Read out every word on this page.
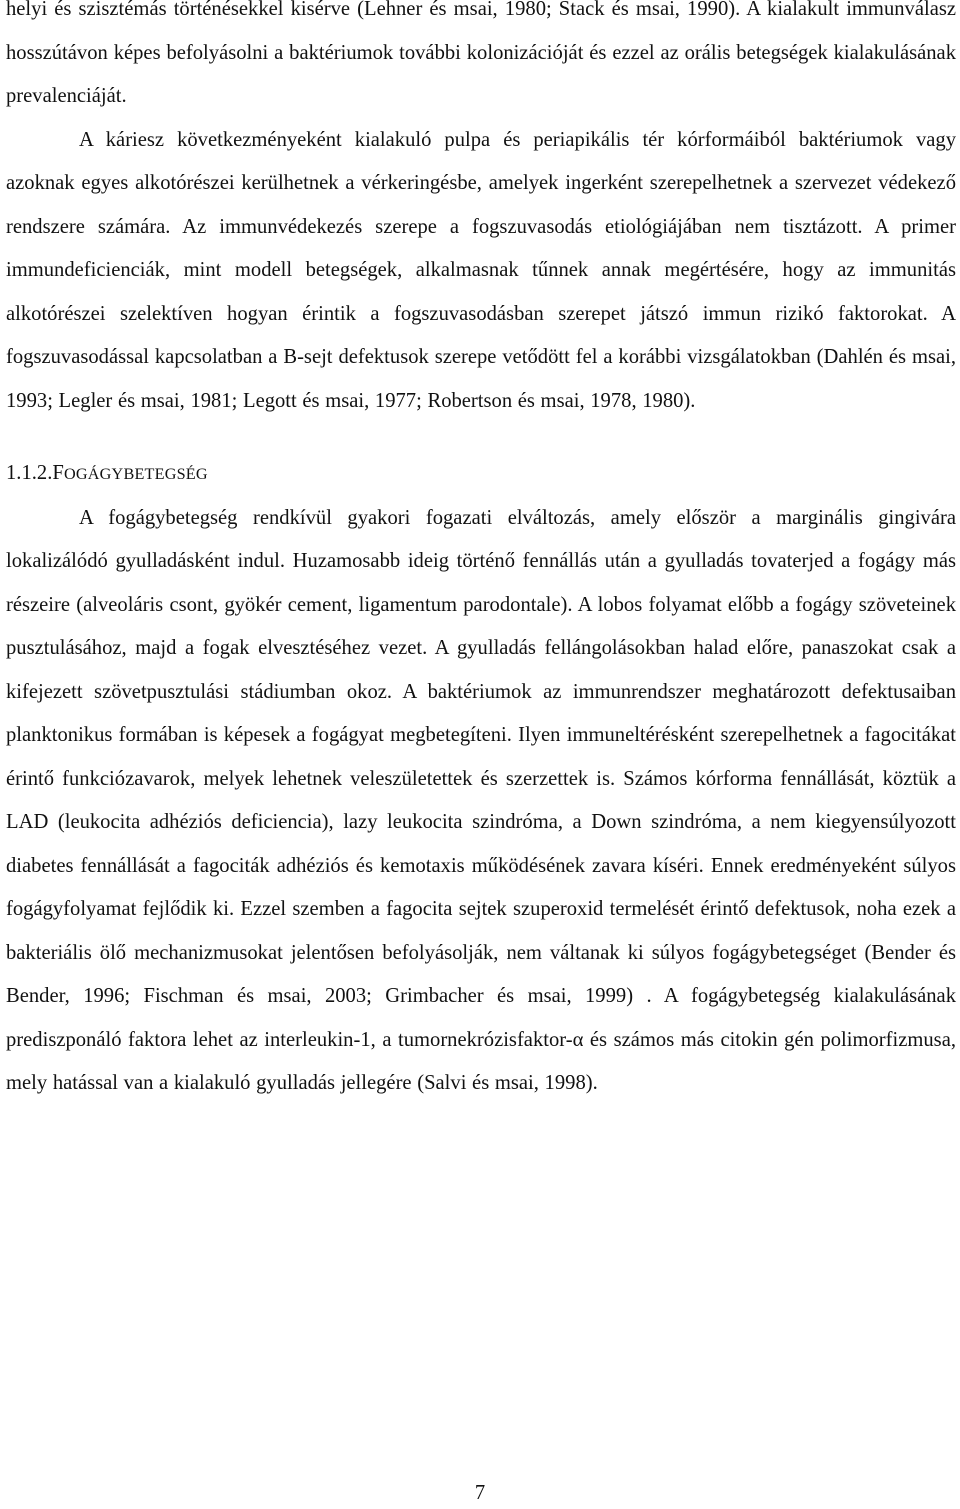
helyi és szisztémás történésekkel kisérve (Lehner és msai, 1980; Stack és msai, 1990). A kialakult immunválasz hosszútávon képes befolyásolni a baktériumok további kolonizációját és ezzel az orális betegségek kialakulásának prevalenciáját.

A káriesz következményeként kialakuló pulpa és periapikális tér kórformáiból baktériumok vagy azoknak egyes alkotórészei kerülhetnek a vérkeringésbe, amelyek ingerként szerepelhetnek a szervezet védekező rendszere számára. Az immunvédekezés szerepe a fogszuvasodás etiológiájában nem tisztázott. A primer immundeficienciák, mint modell betegségek, alkalmasnak tűnnek annak megértésére, hogy az immunitás alkotórészei szelektíven hogyan érintik a fogszuvasodásban szerepet játszó immun rizikó faktorokat. A fogszuvasodással kapcsolatban a B-sejt defektusok szerepe vetődött fel a korábbi vizsgálatokban (Dahlén és msai, 1993; Legler és msai, 1981; Legott és msai, 1977; Robertson és msai, 1978, 1980).

1.1.2.FOGÁGYBETEGSÉG

A fogágybetegség rendkívül gyakori fogazati elváltozás, amely először a marginális gingivára lokalizálódó gyulladásként indul. Huzamosabb ideig történő fennállás után a gyulladás tovaterjed a fogágy más részeire (alveoláris csont, gyökér cement, ligamentum parodontale). A lobos folyamat előbb a fogágy szöveteinek pusztulásához, majd a fogak elvesztéséhez vezet. A gyulladás fellángolásokban halad előre, panaszokat csak a kifejezett szövetpusztulási stádiumban okoz. A baktériumok az immunrendszer meghatározott defektusaiban planktonikus formában is képesek a fogágyat megbetegíteni. Ilyen immuneltérésként szerepelhetnek a fagocitákat érintő funkciózavarok, melyek lehetnek veleszületettek és szerzettek is. Számos kórforma fennállását, köztük a LAD (leukocita adhéziós deficiencia), lazy leukocita szindróma, a Down szindróma, a nem kiegyensúlyozott diabetes fennállását a fagociták adhéziós és kemotaxis működésének zavara kíséri. Ennek eredményeként súlyos fogágyfolyamat fejlődik ki. Ezzel szemben a fagocita sejtek szuperoxid termelését érintő defektusok, noha ezek a bakteriális ölő mechanizmusokat jelentősen befolyásolják, nem váltanak ki súlyos fogágybetegséget (Bender és Bender, 1996; Fischman és msai, 2003; Grimbacher és msai, 1999) . A fogágybetegség kialakulásának prediszponáló faktora lehet az interleukin-1, a tumornekrózisfaktor-α és számos más citokin gén polimorfizmusa, mely hatással van a kialakuló gyulladás jellegére (Salvi és msai, 1998).

7
